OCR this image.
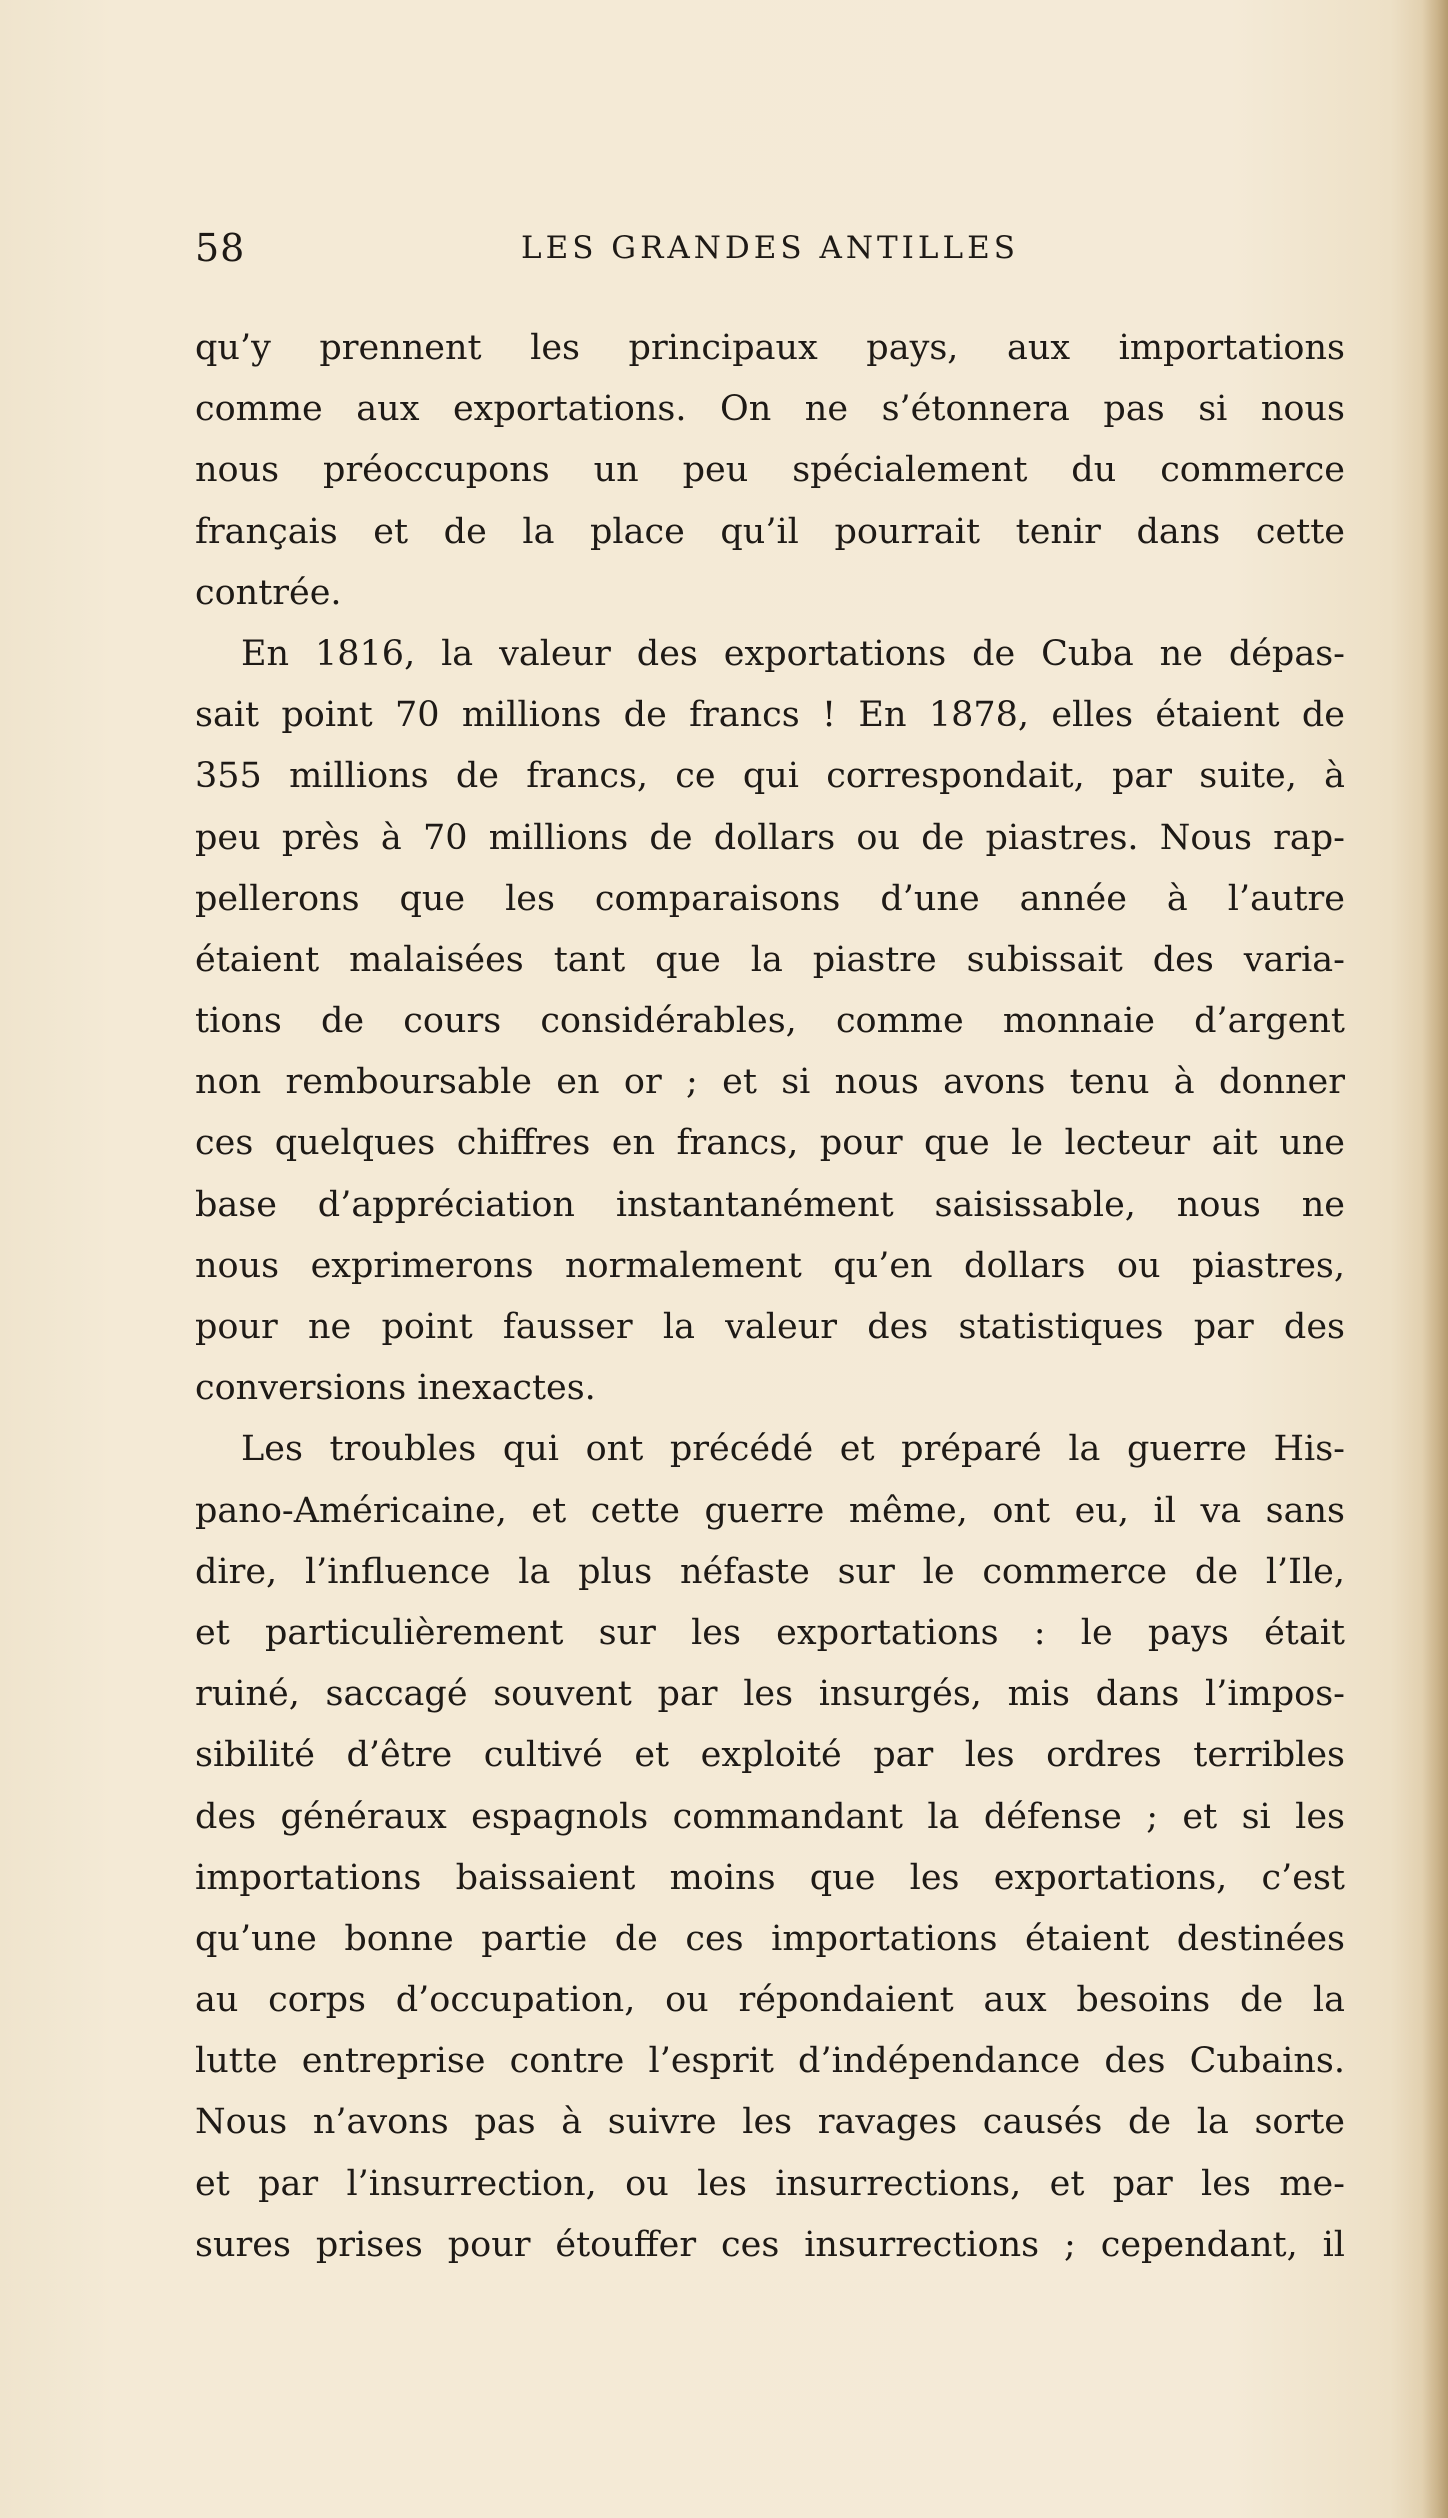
58	LES GRANDES ANTILLES
qu’y prennent les principaux pays, aux importations
comme aux exportations. On ne s’étonnera pas si nous
nous préoccupons un peu spécialement du commerce
français et de la place qu’il pourrait tenir dans cette
contrée.
En 1816, la valeur des exportations de Cuba ne dépas-
sait point 70 millions de francs ! En 1878, elles étaient de
355 millions de francs, ce qui correspondait, par suite, à
peu près à 70 millions de dollars ou de piastres. Nous rap-
pellerons que les comparaisons d’une année à l’autre
étaient malaisées tant que la piastre subissait des varia-
tions de cours considérables, comme monnaie d’argent
non remboursable en or ; et si nous avons tenu à donner
ces quelques chiffres en francs, pour que le lecteur ait une
base d’appréciation instantanément saisissable, nous ne
nous exprimerons normalement qu’en dollars ou piastres,
pour ne point fausser la valeur des statistiques par des
conversions inexactes.
Les troubles qui ont précédé et préparé la guerre His-
pano-Américaine, et cette guerre même, ont eu, il va sans
dire, l’influence la plus néfaste sur le commerce de l’Ile,
et particulièrement sur les exportations : le pays était
ruiné, saccagé souvent par les insurgés, mis dans l’impos-
sibilité d’être cultivé et exploité par les ordres terribles
des généraux espagnols commandant la défense ; et si les
importations baissaient moins que les exportations, c’est
qu’une bonne partie de ces importations étaient destinées
au corps d’occupation, ou répondaient aux besoins de la
lutte entreprise contre l’esprit d’indépendance des Cubains.
Nous n’avons pas à suivre les ravages causés de la sorte
et par l’insurrection, ou les insurrections, et par les me-
sures prises pour étouffer ces insurrections ; cependant, il
